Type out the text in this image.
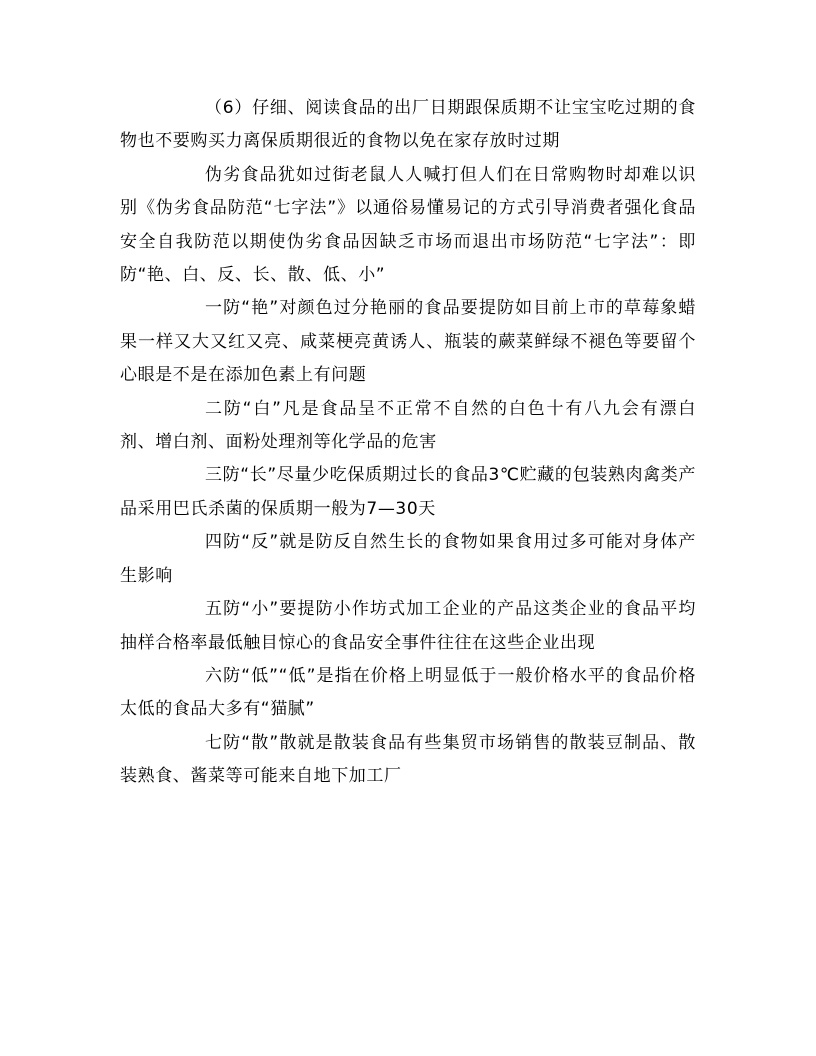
（6）仔细、阅读食品的出厂日期跟保质期不让宝宝吃过期的食物也不要购买力离保质期很近的食物以免在家存放时过期

伪劣食品犹如过街老鼠人人喊打但人们在日常购物时却难以识别《伪劣食品防范“七字法”》以通俗易懂易记的方式引导消费者强化食品安全自我防范以期使伪劣食品因缺乏市场而退出市场防范“七字法”：即防“艳、白、反、长、散、低、小”

一防“艳”对颜色过分艳丽的食品要提防如目前上市的草莓象蜡果一样又大又红又亮、咸菜梗亮黄诱人、瓶装的蕨菜鲜绿不褪色等要留个心眼是不是在添加色素上有问题

二防“白”凡是食品呈不正常不自然的白色十有八九会有漂白剂、增白剂、面粉处理剂等化学品的危害

三防“长”尽量少吃保质期过长的食品3℃贮藏的包装熟肉禽类产品采用巴氏杀菌的保质期一般为7—30天

四防“反”就是防反自然生长的食物如果食用过多可能对身体产生影响

五防“小”要提防小作坊式加工企业的产品这类企业的食品平均抽样合格率最低触目惊心的食品安全事件往往在这些企业出现

六防“低”“低”是指在价格上明显低于一般价格水平的食品价格太低的食品大多有“猫腻”

七防“散”散就是散装食品有些集贸市场销售的散装豆制品、散装熟食、酱菜等可能来自地下加工厂
